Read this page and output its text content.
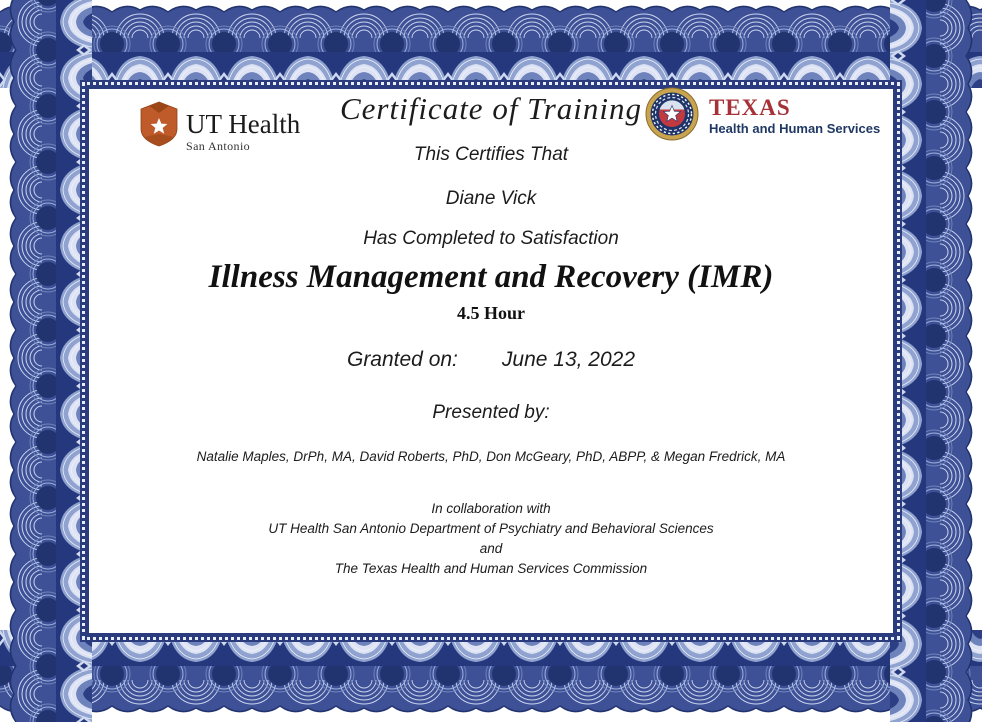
UT Health
San Antonio
TEXAS
Health and Human Services
Certificate of Training
This Certifies That
Diane Vick
Has Completed to Satisfaction
Illness Management and Recovery (IMR)
4.5 Hour
Granted on: June 13, 2022
Presented by:
Natalie Maples, DrPh, MA, David Roberts, PhD, Don McGeary, PhD, ABPP, & Megan Fredrick, MA
In collaboration with
UT Health San Antonio Department of Psychiatry and Behavioral Sciences
and
The Texas Health and Human Services Commission
